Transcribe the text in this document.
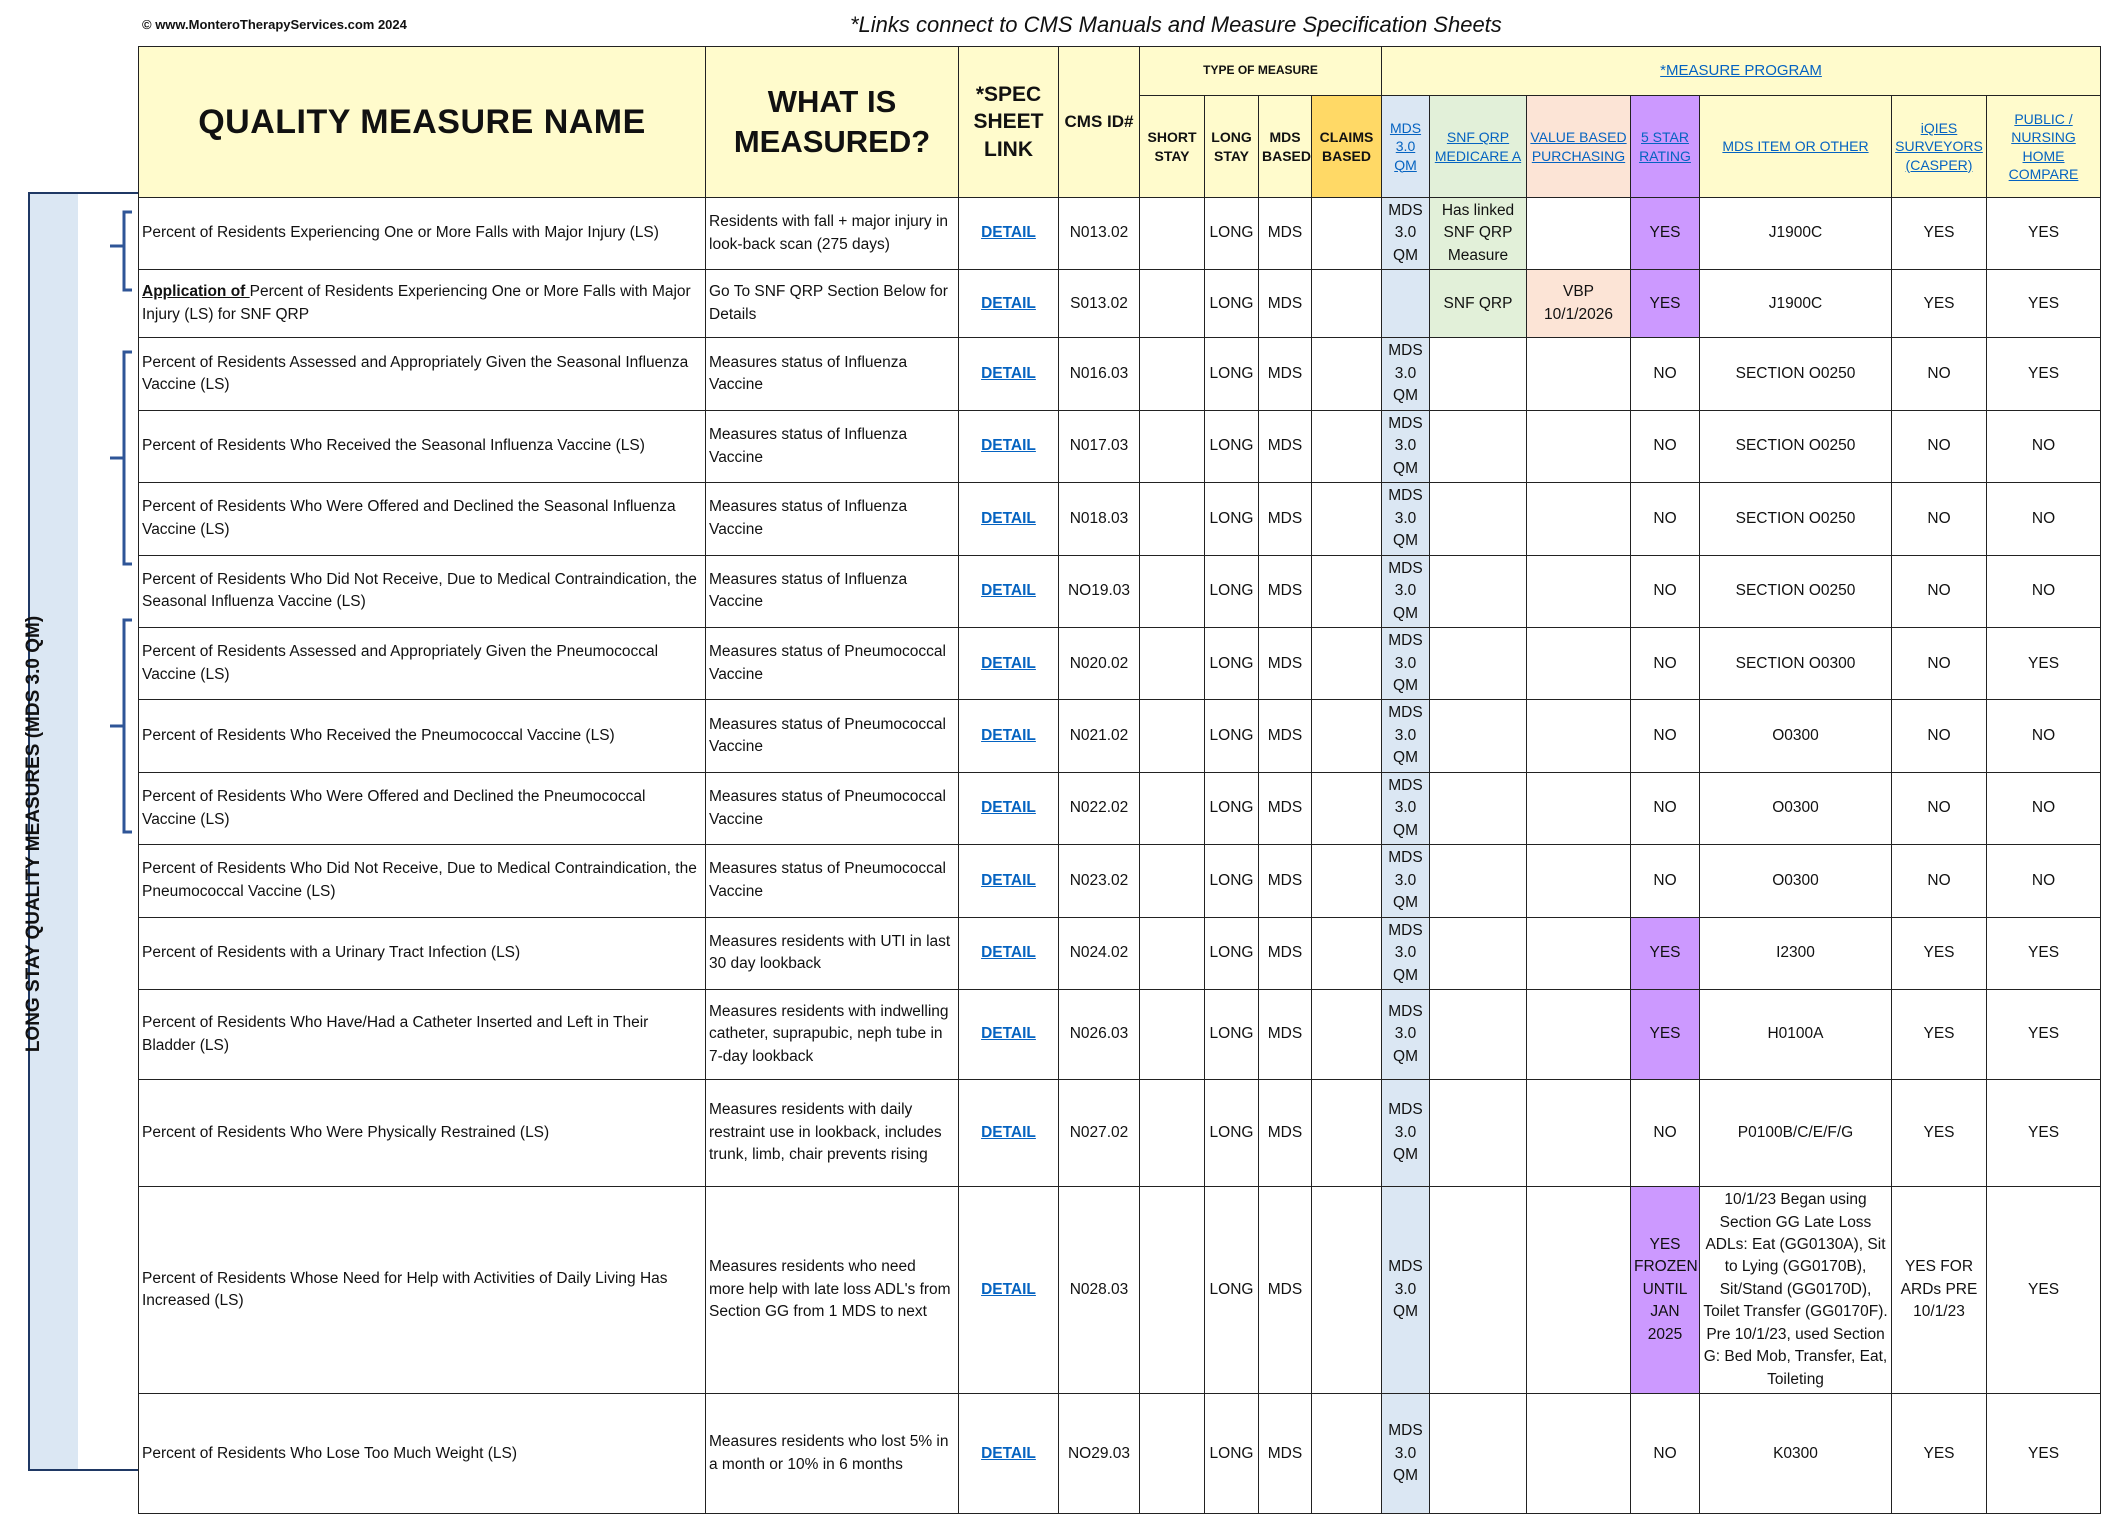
© www.MonteroTherapyServices.com 2024	*Links connect to CMS Manuals and Measure Specification Sheets
LONG STAY QUALITY MEASURES (MDS 3.0 QM)
QUALITY MEASURE NAME	WHAT IS MEASURED?	*SPEC SHEET LINK	CMS ID#	TYPE OF MEASURE				*MEASURE PROGRAM						
				SHORT STAY	LONG STAY	MDS BASED	CLAIMS BASED	MDS 3.0 QM	SNF QRP MEDICARE A	VALUE BASED PURCHASING	5 STAR RATING	MDS ITEM OR OTHER	iQIES SURVEYORS (CASPER)	PUBLIC / NURSING HOME COMPARE
Percent of Residents Experiencing One or More Falls with Major Injury (LS)	Residents with fall + major injury in look-back scan (275 days)	DETAIL	N013.02		LONG	MDS		MDS 3.0 QM	Has linked SNF QRP Measure		YES	J1900C	YES	YES
Application of Percent of Residents Experiencing One or More Falls with Major Injury (LS) for SNF QRP	Go To SNF QRP Section Below for Details	DETAIL	S013.02		LONG	MDS			SNF QRP	VBP 10/1/2026	YES	J1900C	YES	YES
Percent of Residents Assessed and Appropriately Given the Seasonal Influenza Vaccine (LS)	Measures status of Influenza Vaccine	DETAIL	N016.03		LONG	MDS		MDS 3.0 QM			NO	SECTION O0250	NO	YES
Percent of Residents Who Received the Seasonal Influenza Vaccine (LS)	Measures status of Influenza Vaccine	DETAIL	N017.03		LONG	MDS		MDS 3.0 QM			NO	SECTION O0250	NO	NO
Percent of Residents Who Were Offered and Declined the Seasonal Influenza Vaccine (LS)	Measures status of Influenza Vaccine	DETAIL	N018.03		LONG	MDS		MDS 3.0 QM			NO	SECTION O0250	NO	NO
Percent of Residents Who Did Not Receive, Due to Medical Contraindication, the Seasonal Influenza Vaccine (LS)	Measures status of Influenza Vaccine	DETAIL	NO19.03		LONG	MDS		MDS 3.0 QM			NO	SECTION O0250	NO	NO
Percent of Residents Assessed and Appropriately Given the Pneumococcal Vaccine (LS)	Measures status of Pneumococcal Vaccine	DETAIL	N020.02		LONG	MDS		MDS 3.0 QM			NO	SECTION O0300	NO	YES
Percent of Residents Who Received the Pneumococcal Vaccine (LS)	Measures status of Pneumococcal Vaccine	DETAIL	N021.02		LONG	MDS		MDS 3.0 QM			NO	O0300	NO	NO
Percent of Residents Who Were Offered and Declined the Pneumococcal Vaccine (LS)	Measures status of Pneumococcal Vaccine	DETAIL	N022.02		LONG	MDS		MDS 3.0 QM			NO	O0300	NO	NO
Percent of Residents Who Did Not Receive, Due to Medical Contraindication, the Pneumococcal Vaccine (LS)	Measures status of Pneumococcal Vaccine	DETAIL	N023.02		LONG	MDS		MDS 3.0 QM			NO	O0300	NO	NO
Percent of Residents with a Urinary Tract Infection (LS)	Measures residents with UTI in last 30 day lookback	DETAIL	N024.02		LONG	MDS		MDS 3.0 QM			YES	I2300	YES	YES
Percent of Residents Who Have/Had a Catheter Inserted and Left in Their Bladder (LS)	Measures residents with indwelling catheter, suprapubic, neph tube in 7-day lookback	DETAIL	N026.03		LONG	MDS		MDS 3.0 QM			YES	H0100A	YES	YES
Percent of Residents Who Were Physically Restrained (LS)	Measures residents with daily restraint use in lookback, includes trunk, limb, chair prevents rising	DETAIL	N027.02		LONG	MDS		MDS 3.0 QM			NO	P0100B/C/E/F/G	YES	YES
Percent of Residents Whose Need for Help with Activities of Daily Living Has Increased (LS)	Measures residents who need more help with late loss ADL's from Section GG from 1 MDS to next	DETAIL	N028.03		LONG	MDS		MDS 3.0 QM			YES FROZEN UNTIL JAN 2025	10/1/23 Began using Section GG Late Loss ADLs: Eat (GG0130A), Sit to Lying (GG0170B), Sit/Stand (GG0170D), Toilet Transfer (GG0170F). Pre 10/1/23, used Section G: Bed Mob, Transfer, Eat, Toileting	YES FOR ARDs PRE 10/1/23	YES
Percent of Residents Who Lose Too Much Weight (LS)	Measures residents who lost 5% in a month or 10% in 6 months	DETAIL	NO29.03		LONG	MDS		MDS 3.0 QM			NO	K0300	YES	YES
